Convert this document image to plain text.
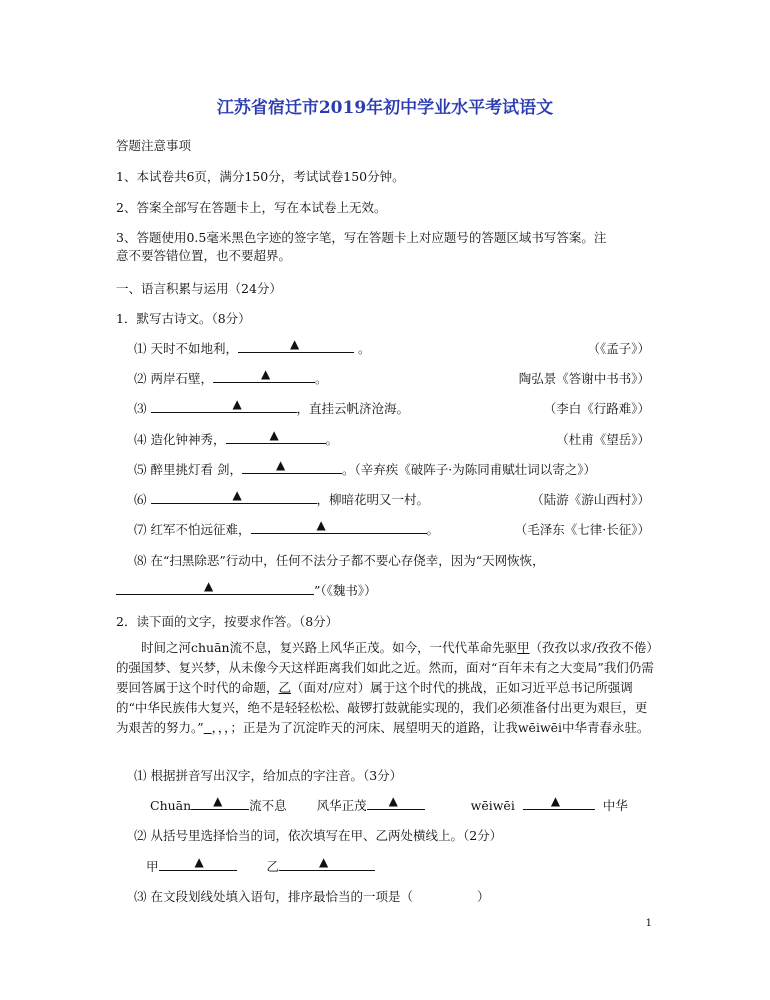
江苏省宿迁市2019年初中学业水平考试语文
答题注意事项
1、本试卷共6页，满分150分，考试试卷150分钟。
2、答案全部写在答题卡上，写在本试卷上无效。
3、答题使用0.5毫米黑色字迹的签字笔，写在答题卡上对应题号的答题区域书写答案。注
意不要答错位置，也不要超界。
一、语言积累与运用（24分）
1．默写古诗文。（8分）
⑴ 天时不如地利，	▲	。	（《孟子》）
⑵ 两岸石壁，	▲	。	陶弘景《答谢中书书》）
⑶	▲	，直挂云帆济沧海。	（李白《行路难》）
⑷ 造化钟神秀，	▲	。	（杜甫《望岳》）
⑸ 醉里挑灯看 剑，	▲	。（辛弃疾《破阵子·为陈同甫赋壮词以寄之》）
⑹	▲	，柳暗花明又一村。	（陆游《游山西村》）
⑺ 红军不怕远征难，	▲	。	（毛泽东《七律·长征》）
⑻ 在“扫黑除恶”行动中，任何不法分子都不要心存侥幸，因为“天网恢恢，
▲	”（《魏书》）
2．读下面的文字，按要求作答。（8分）
时间之河chuān流不息，复兴路上风华正茂。如今，一代代革命先驱甲（孜孜以求/孜孜不倦）的强国梦、复兴梦，从未像今天这样距离我们如此之近。然而，面对“百年未有之大变局”我们仍需要回答属于这个时代的命题，乙（面对/应对）属于这个时代的挑战，正如习近平总书记所强调的“中华民族伟大复兴，绝不是轻轻松松、敲锣打鼓就能实现的，我们必须准备付出更为艰巨，更为艰苦的努力。” ，，，；正是为了沉淀昨天的河床、展望明天的道路，让我wēiwēi中华青春永驻。
⑴ 根据拼音写出汉字，给加点的字注音。（3分）
Chuān ▲ 流不息 风华正茂 ▲	wēiwēi	▲	中华
⑵ 从括号里选择恰当的词，依次填写在甲、乙两处横线上。（2分）
甲	▲	乙	▲
⑶ 在文段划线处填入语句，排序最恰当的一项是（	）
1
